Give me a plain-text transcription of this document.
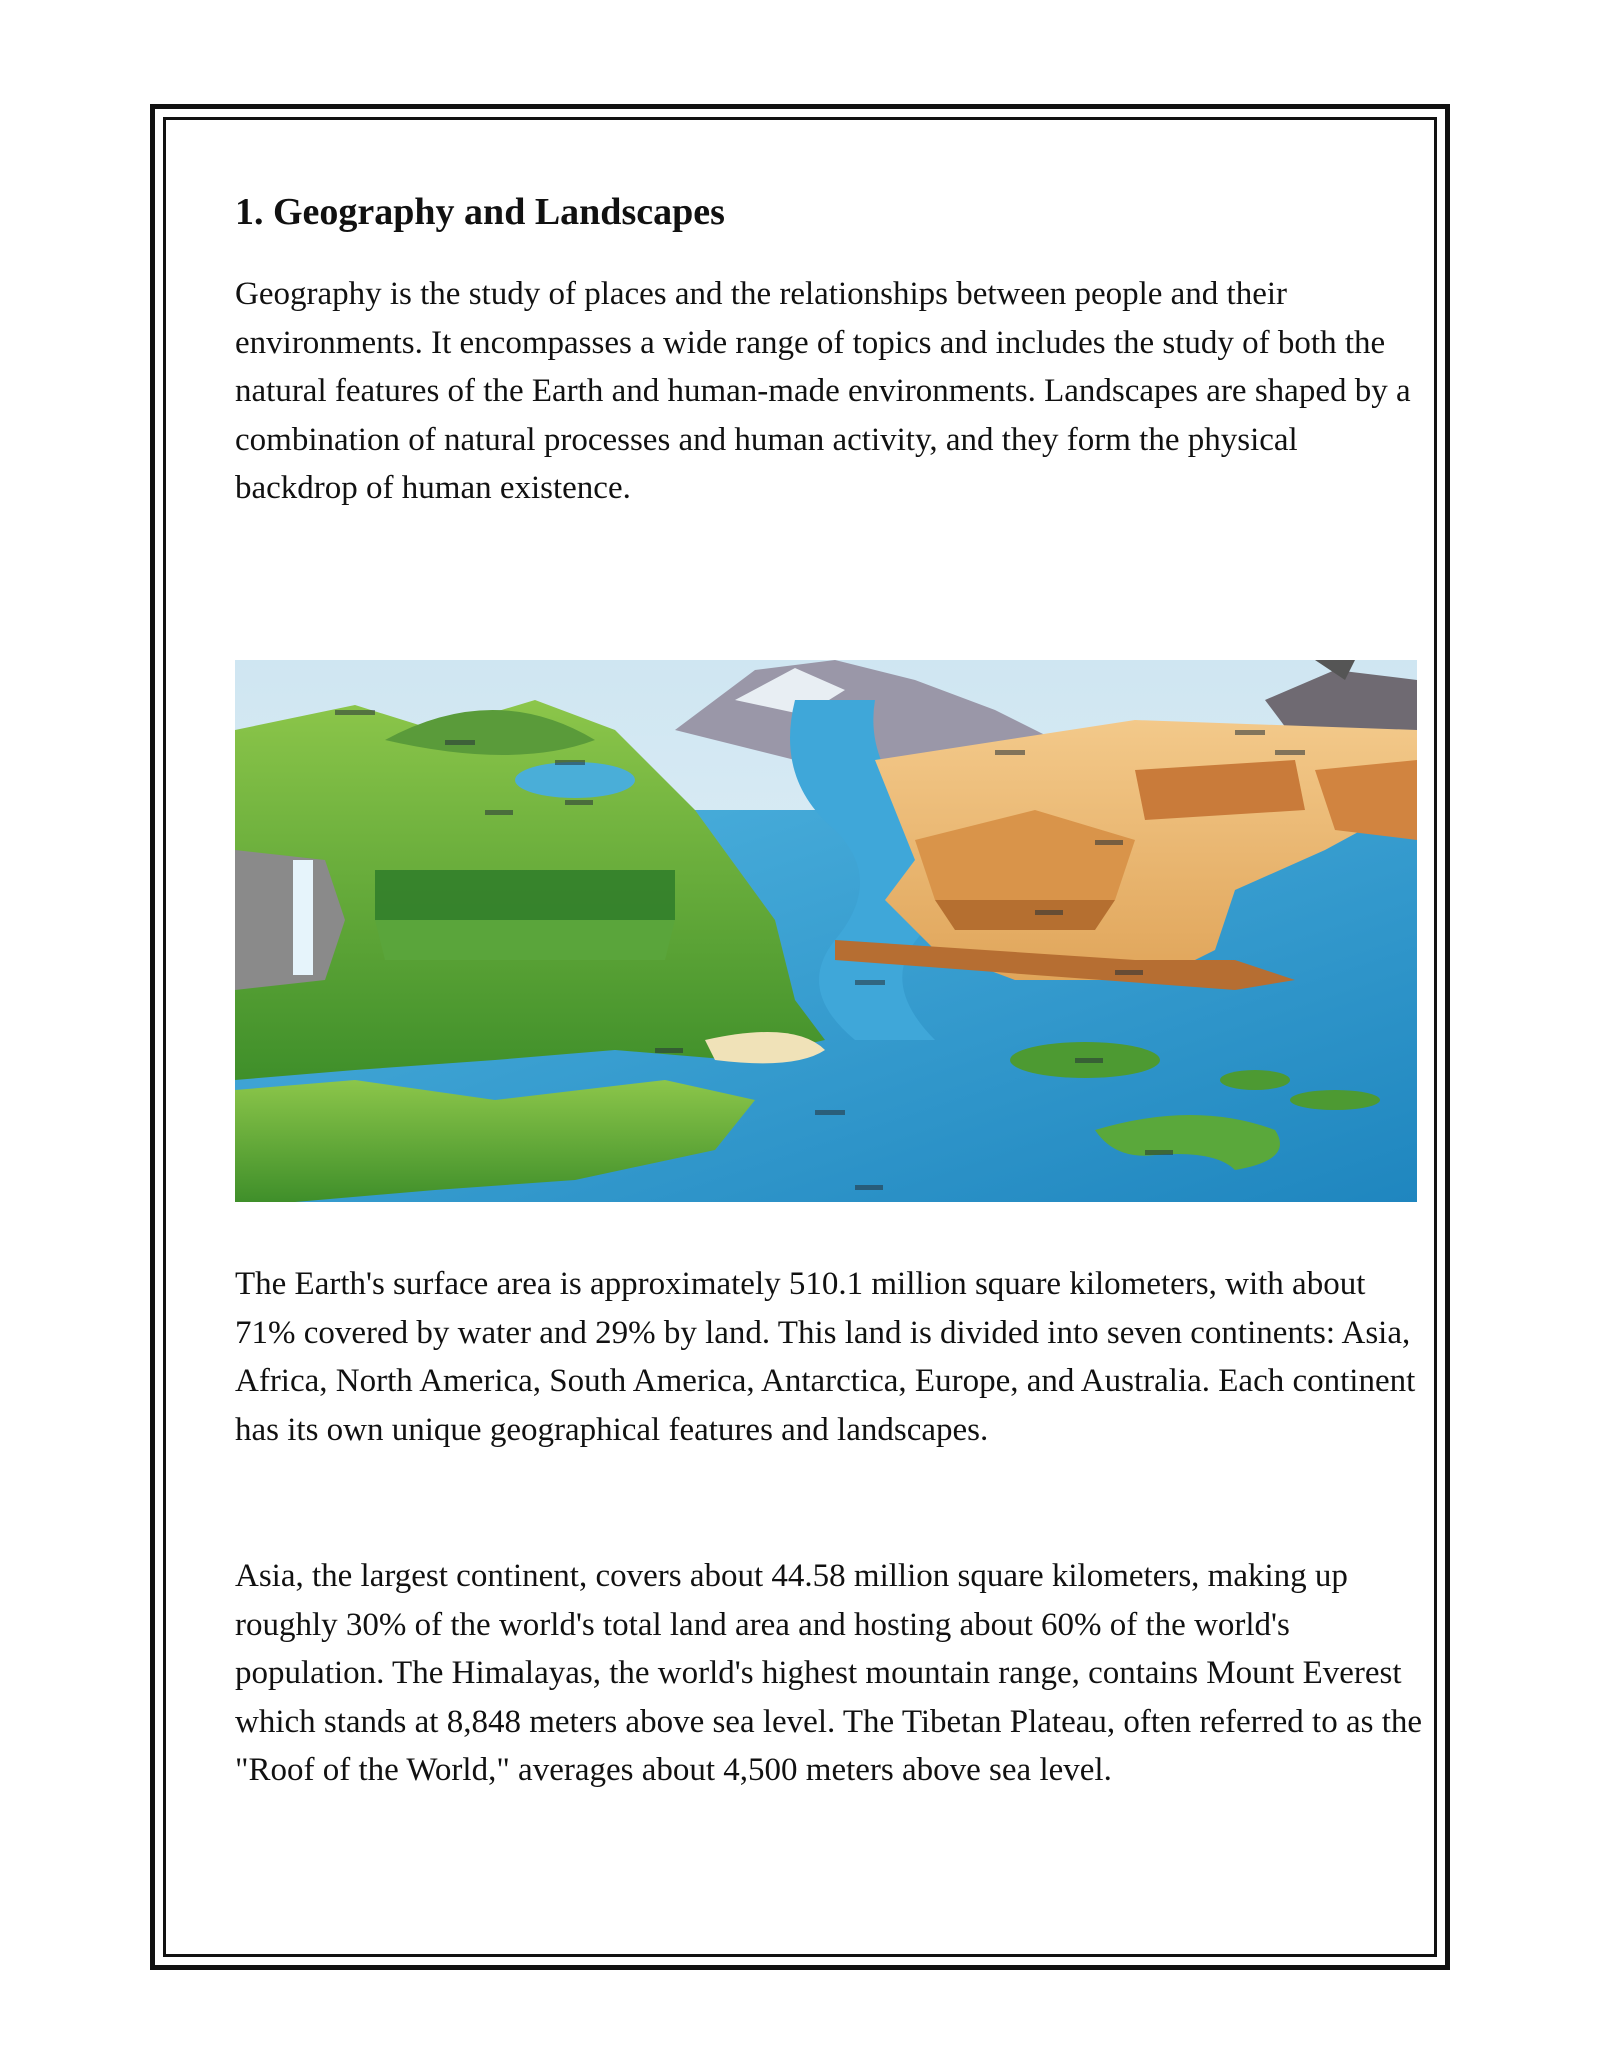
1. Geography and Landscapes

Geography is the study of places and the relationships between people and their environments. It encompasses a wide range of topics and includes the study of both the natural features of the Earth and human-made environments. Landscapes are shaped by a combination of natural processes and human activity, and they form the physical backdrop of human existence.

The Earth's surface area is approximately 510.1 million square kilometers, with about 71% covered by water and 29% by land. This land is divided into seven continents: Asia, Africa, North America, South America, Antarctica, Europe, and Australia. Each continent has its own unique geographical features and landscapes.

Asia, the largest continent, covers about 44.58 million square kilometers, making up roughly 30% of the world's total land area and hosting about 60% of the world's population. The Himalayas, the world's highest mountain range, contains Mount Everest which stands at 8,848 meters above sea level. The Tibetan Plateau, often referred to as the "Roof of the World," averages about 4,500 meters above sea level.
